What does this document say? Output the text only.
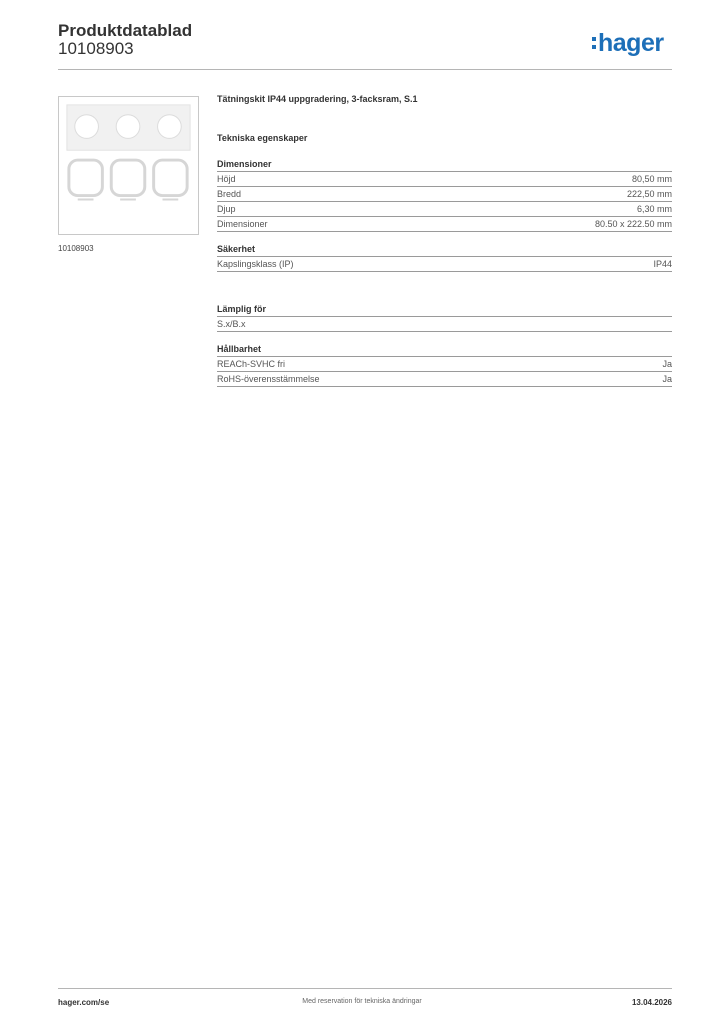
Produktdatablad
10108903	hager
10108903
Tätningskit IP44 uppgradering, 3-facksram, S.1
Tekniska egenskaper
Dimensioner
Höjd	80,50 mm
Bredd	222,50 mm
Djup	6,30 mm
Dimensioner	80.50 x 222.50 mm
Säkerhet
Kapslingsklass (IP)	IP44
Lämplig för
S.x/B.x
Hållbarhet
REACh-SVHC fri	Ja
RoHS-överensstämmelse	Ja
hager.com/se	Med reservation för tekniska ändringar	13.04.2026
